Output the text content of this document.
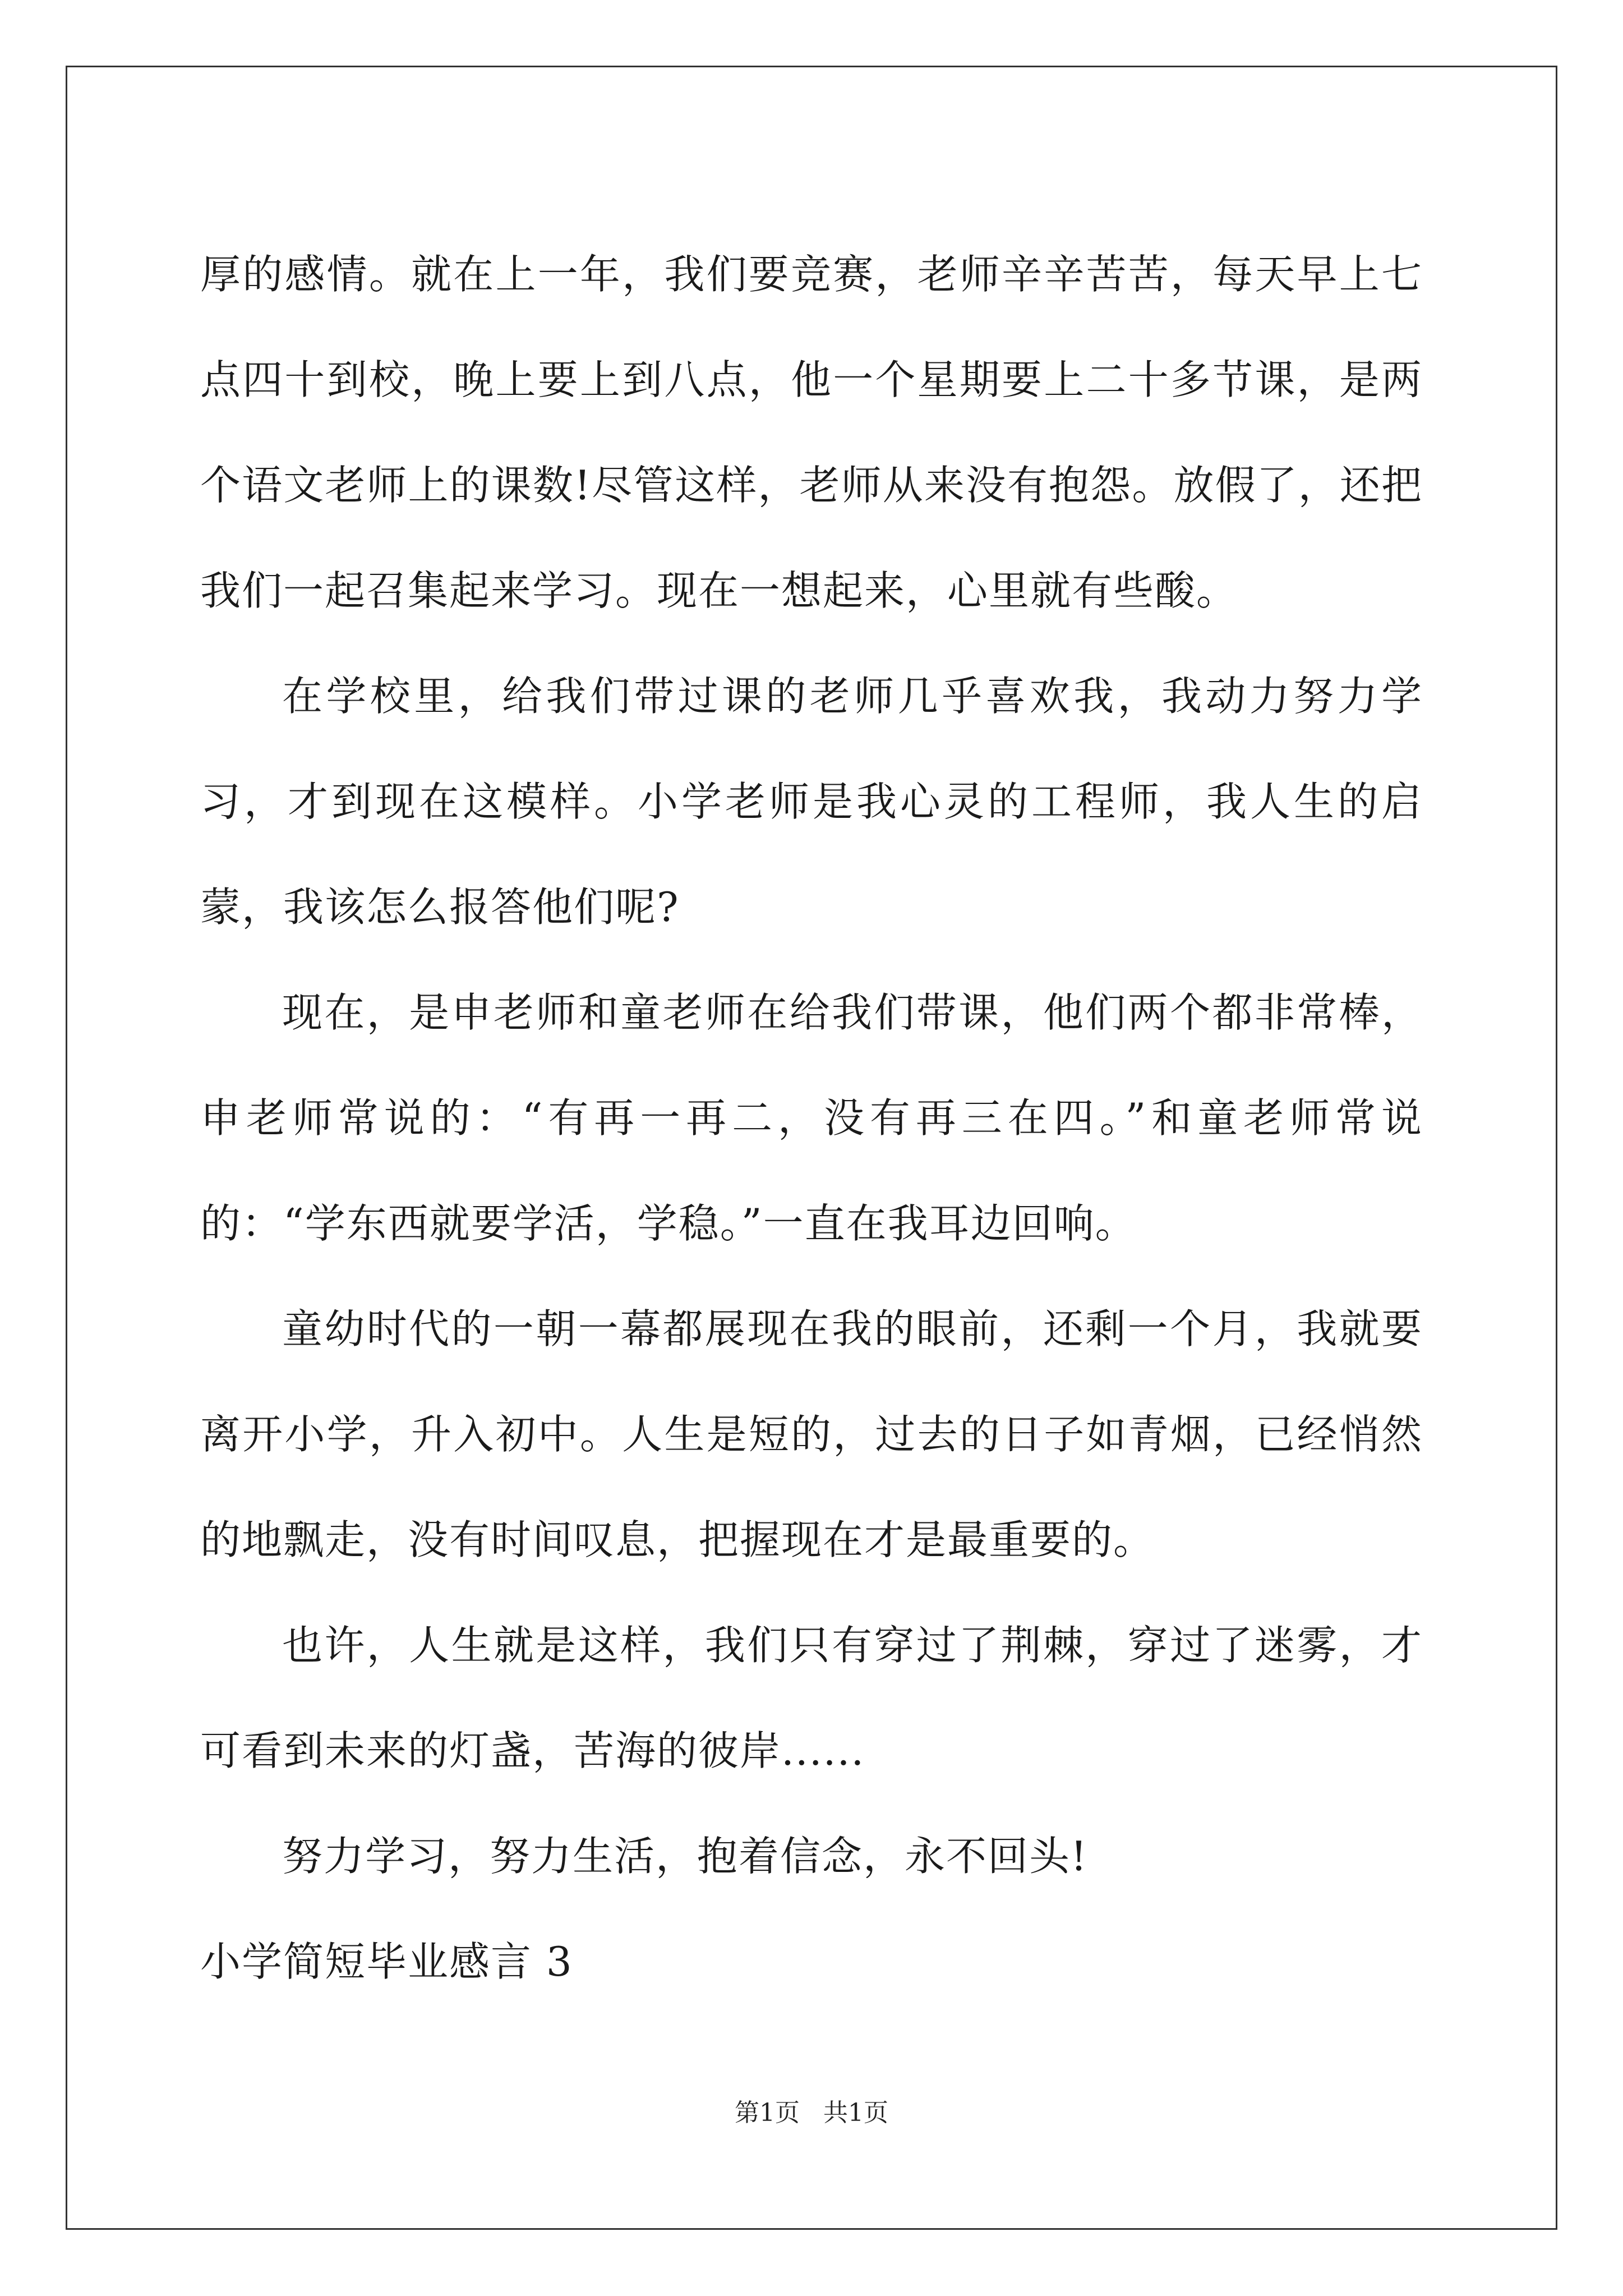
厚的感情。就在上一年，我们要竞赛，老师辛辛苦苦，每天早上七点四十到校，晚上要上到八点，他一个星期要上二十多节课，是两个语文老师上的课数!尽管这样，老师从来没有抱怨。放假了，还把我们一起召集起来学习。现在一想起来，心里就有些酸。

在学校里，给我们带过课的老师几乎喜欢我，我动力努力学习，才到现在这模样。小学老师是我心灵的工程师，我人生的启蒙，我该怎么报答他们呢?

现在，是申老师和童老师在给我们带课，他们两个都非常棒，申老师常说的：“有再一再二，没有再三在四。”和童老师常说的：“学东西就要学活，学稳。”一直在我耳边回响。

童幼时代的一朝一幕都展现在我的眼前，还剩一个月，我就要离开小学，升入初中。人生是短的，过去的日子如青烟，已经悄然的地飘走，没有时间叹息，把握现在才是最重要的。

也许，人生就是这样，我们只有穿过了荆棘，穿过了迷雾，才可看到未来的灯盏，苦海的彼岸......

努力学习，努力生活，抱着信念，永不回头!

小学简短毕业感言 3

第1页 共1页
